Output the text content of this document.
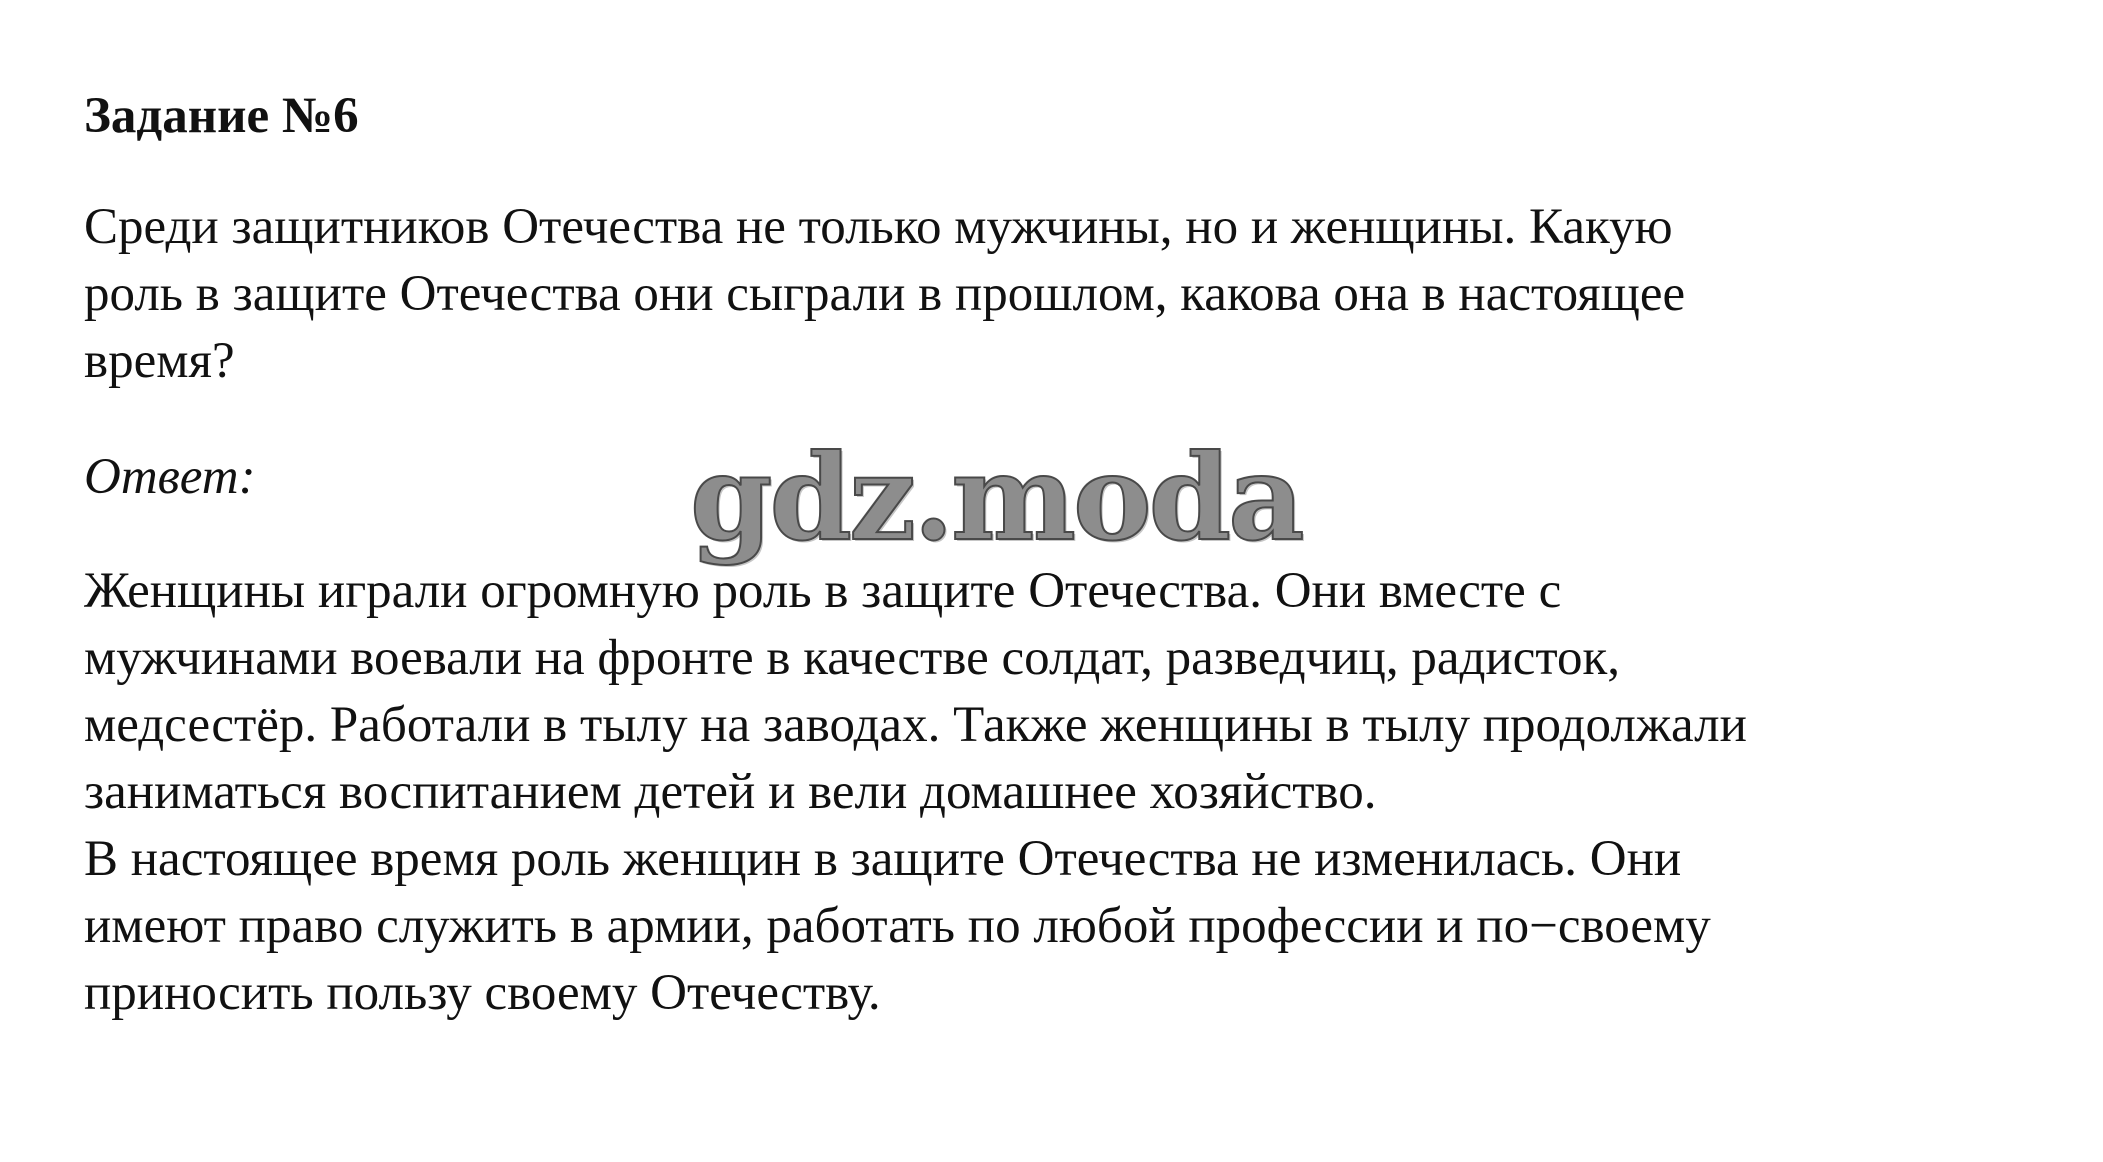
Задание №6

Среди защитников Отечества не только мужчины, но и женщины. Какую
роль в защите Отечества они сыграли в прошлом, какова она в настоящее
время?

Ответ:	gdz.moda

Женщины играли огромную роль в защите Отечества. Они вместе с
мужчинами воевали на фронте в качестве солдат, разведчиц, радисток,
медсестёр. Работали в тылу на заводах. Также женщины в тылу продолжали
заниматься воспитанием детей и вели домашнее хозяйство.
В настоящее время роль женщин в защите Отечества не изменилась. Они
имеют право служить в армии, работать по любой профессии и по−своему
приносить пользу своему Отечеству.
